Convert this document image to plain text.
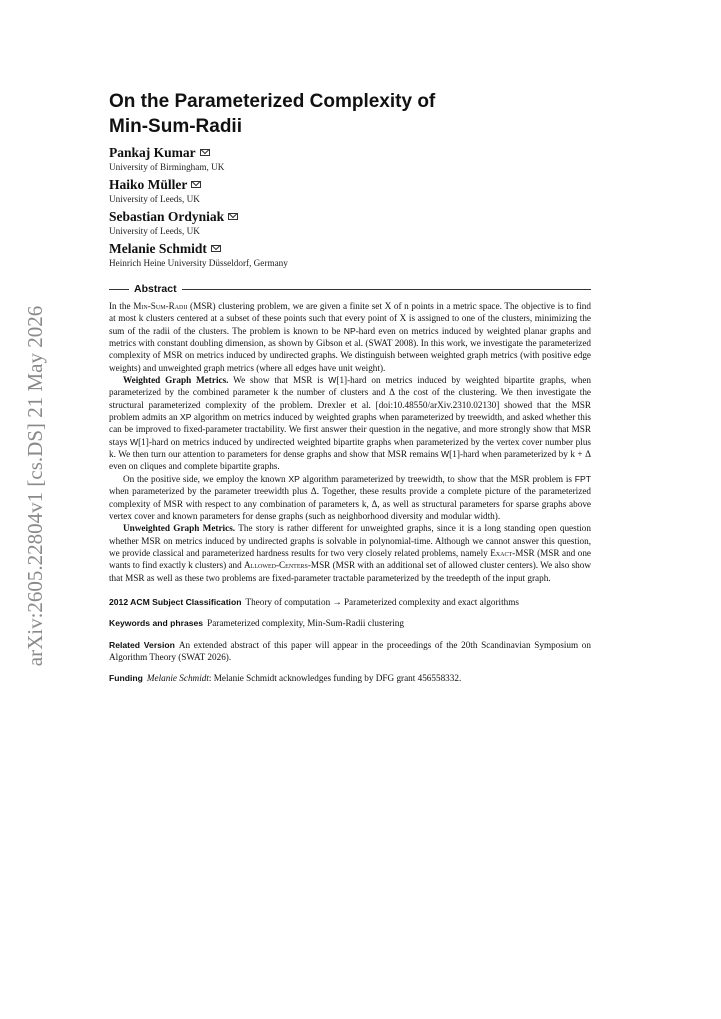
arXiv:2605.22804v1 [cs.DS] 21 May 2026
On the Parameterized Complexity of
Min-Sum-Radii
Pankaj Kumar
University of Birmingham, UK
Haiko Müller
University of Leeds, UK
Sebastian Ordyniak
University of Leeds, UK
Melanie Schmidt
Heinrich Heine University Düsseldorf, Germany
Abstract

In the Min-Sum-Radii (MSR) clustering problem, we are given a finite set X of n points in a metric space. The objective is to find at most k clusters centered at a subset of these points such that every point of X is assigned to one of the clusters, minimizing the sum of the radii of the clusters. The problem is known to be NP-hard even on metrics induced by weighted planar graphs and metrics with constant doubling dimension, as shown by Gibson et al. (SWAT 2008). In this work, we investigate the parameterized complexity of MSR on metrics induced by undirected graphs. We distinguish between weighted graph metrics (with positive edge weights) and unweighted graph metrics (where all edges have unit weight).

Weighted Graph Metrics. We show that MSR is W[1]-hard on metrics induced by weighted bipartite graphs, when parameterized by the combined parameter k the number of clusters and Δ the cost of the clustering. We then investigate the structural parameterized complexity of the problem. Drexler et al. [doi:10.48550/arXiv.2310.02130] showed that the MSR problem admits an XP algorithm on metrics induced by weighted graphs when parameterized by treewidth, and asked whether this can be improved to fixed-parameter tractability. We first answer their question in the negative, and more strongly show that MSR stays W[1]-hard on metrics induced by undirected weighted bipartite graphs when parameterized by the vertex cover number plus k. We then turn our attention to parameters for dense graphs and show that MSR remains W[1]-hard when parameterized by k + Δ even on cliques and complete bipartite graphs.

On the positive side, we employ the known XP algorithm parameterized by treewidth, to show that the MSR problem is FPT when parameterized by the parameter treewidth plus Δ. Together, these results provide a complete picture of the parameterized complexity of MSR with respect to any combination of parameters k, Δ, as well as structural parameters for sparse graphs above vertex cover and known parameters for dense graphs (such as neighborhood diversity and modular width).

Unweighted Graph Metrics. The story is rather different for unweighted graphs, since it is a long standing open question whether MSR on metrics induced by undirected graphs is solvable in polynomial-time. Although we cannot answer this question, we provide classical and parameterized hardness results for two very closely related problems, namely Exact-MSR (MSR and one wants to find exactly k clusters) and Allowed-Centers-MSR (MSR with an additional set of allowed cluster centers). We also show that MSR as well as these two problems are fixed-parameter tractable parameterized by the treedepth of the input graph.

2012 ACM Subject Classification Theory of computation → Parameterized complexity and exact algorithms
Keywords and phrases Parameterized complexity, Min-Sum-Radii clustering
Related Version An extended abstract of this paper will appear in the proceedings of the 20th Scandinavian Symposium on Algorithm Theory (SWAT 2026).
Funding Melanie Schmidt: Melanie Schmidt acknowledges funding by DFG grant 456558332.
